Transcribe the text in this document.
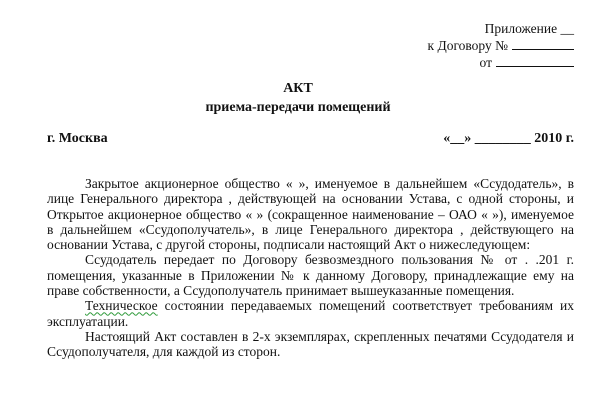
Приложение __
к Договору №
от
АКТ
приема-передачи помещений
г. Москва	«__» ________ 2010 г.

Закрытое акционерное общество « », именуемое в дальнейшем «Ссудодатель», в лице Генерального директора , действующей на основании Устава, с одной стороны, и Открытое акционерное общество « » (сокращенное наименование – ОАО « »), именуемое в дальнейшем «Ссудополучатель», в лице Генерального директора , действующего на основании Устава, с другой стороны, подписали настоящий Акт о нижеследующем:

Ссудодатель передает по Договору безвозмездного пользования № от . .201 г. помещения, указанные в Приложении № к данному Договору, принадлежащие ему на праве собственности, а Ссудополучатель принимает вышеуказанные помещения.

Техническое состоянии передаваемых помещений соответствует требованиям их эксплуатации.

Настоящий Акт составлен в 2-х экземплярах, скрепленных печатями Ссудодателя и Ссудополучателя, для каждой из сторон.
